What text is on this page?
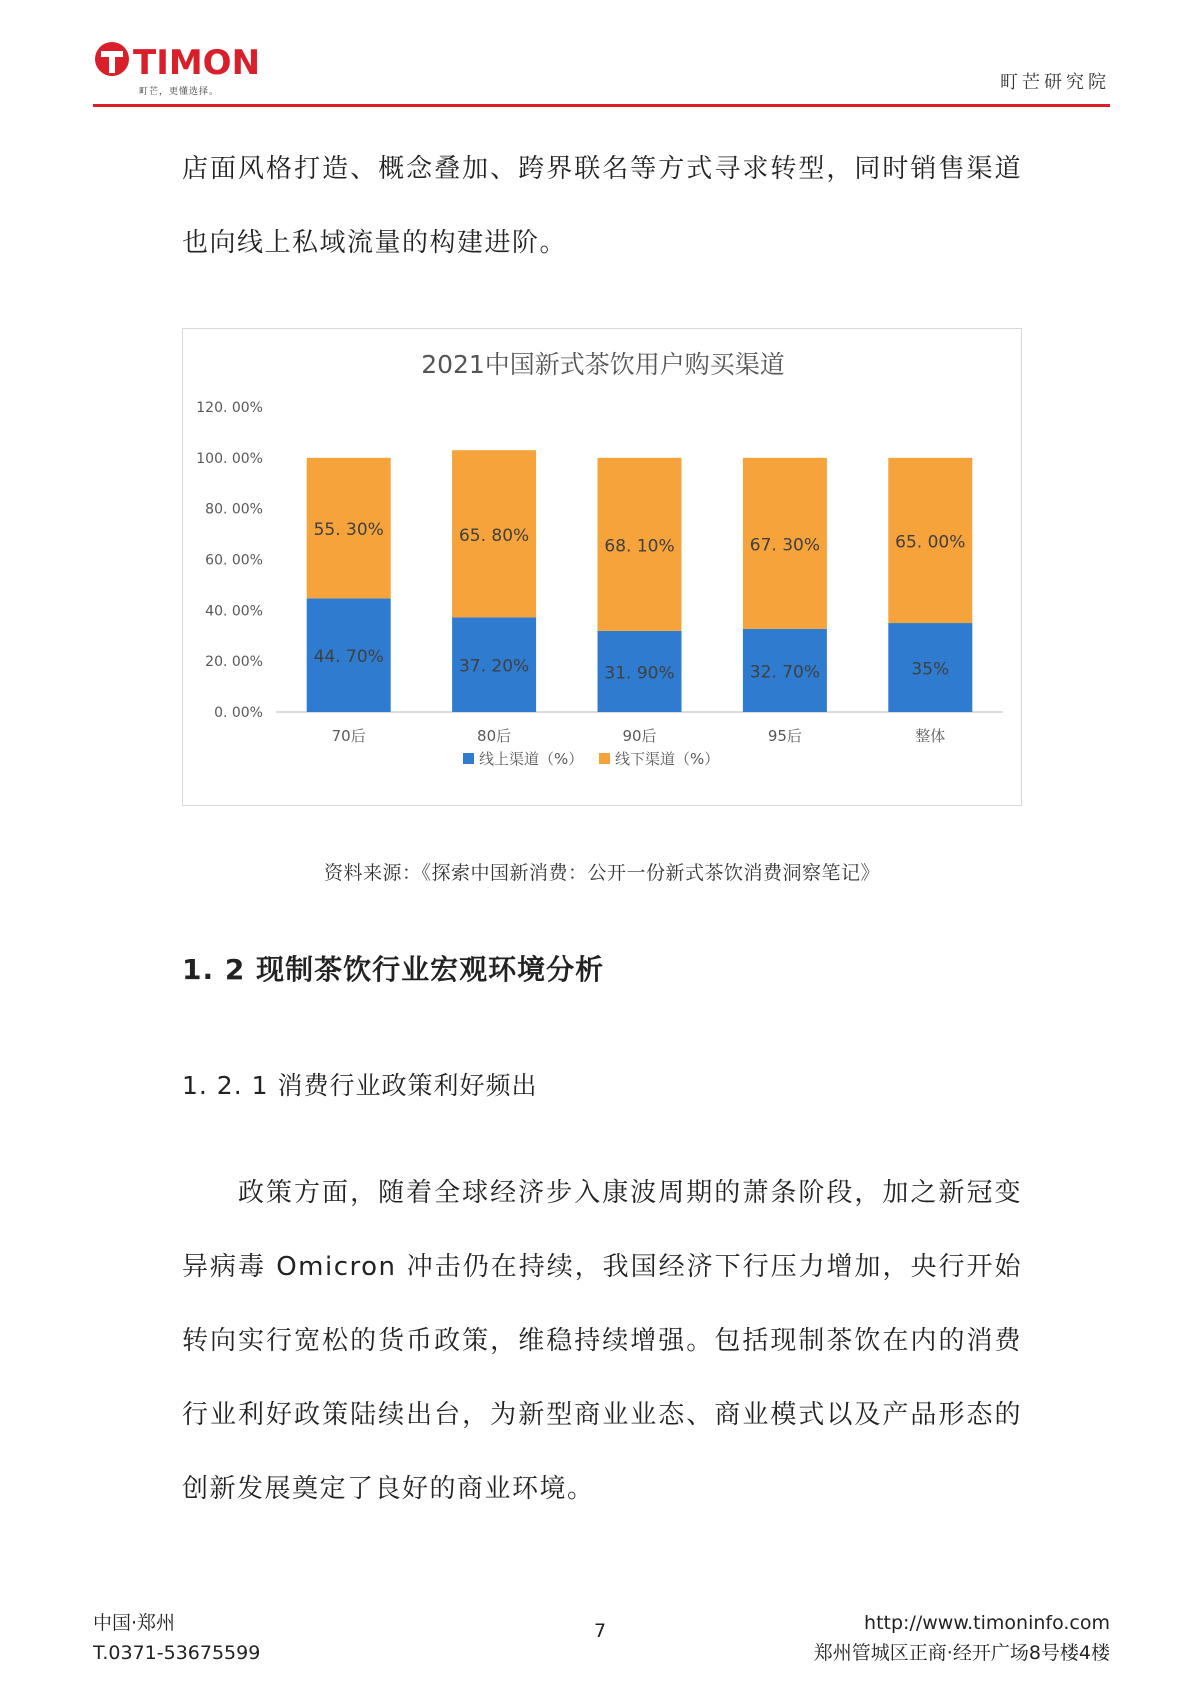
TIMON
町芒，更懂选择。	町芒研究院

店面风格打造、概念叠加、跨界联名等方式寻求转型，同时销售渠道也向线上私域流量的构建进阶。

2021中国新式茶饮用户购买渠道
0. 00%
20. 00%
40. 00%
60. 00%
80. 00%
100. 00%
120. 00%
44. 70%
55. 30%
70后
37. 20%
65. 80%
80后
31. 90%
68. 10%
90后
32. 70%
67. 30%
95后
35%
65. 00%
整体
线上渠道（%） 线下渠道（%）
资料来源：《探索中国新消费：公开一份新式茶饮消费洞察笔记》
1. 2 现制茶饮行业宏观环境分析
1. 2. 1 消费行业政策利好频出

政策方面，随着全球经济步入康波周期的萧条阶段，加之新冠变异病毒 Omicron 冲击仍在持续，我国经济下行压力增加，央行开始转向实行宽松的货币政策，维稳持续增强。包括现制茶饮在内的消费行业利好政策陆续出台，为新型商业业态、商业模式以及产品形态的创新发展奠定了良好的商业环境。

中国·郑州
T.0371-53675599
7	http://www.timoninfo.com
郑州管城区正商·经开广场8号楼4楼
